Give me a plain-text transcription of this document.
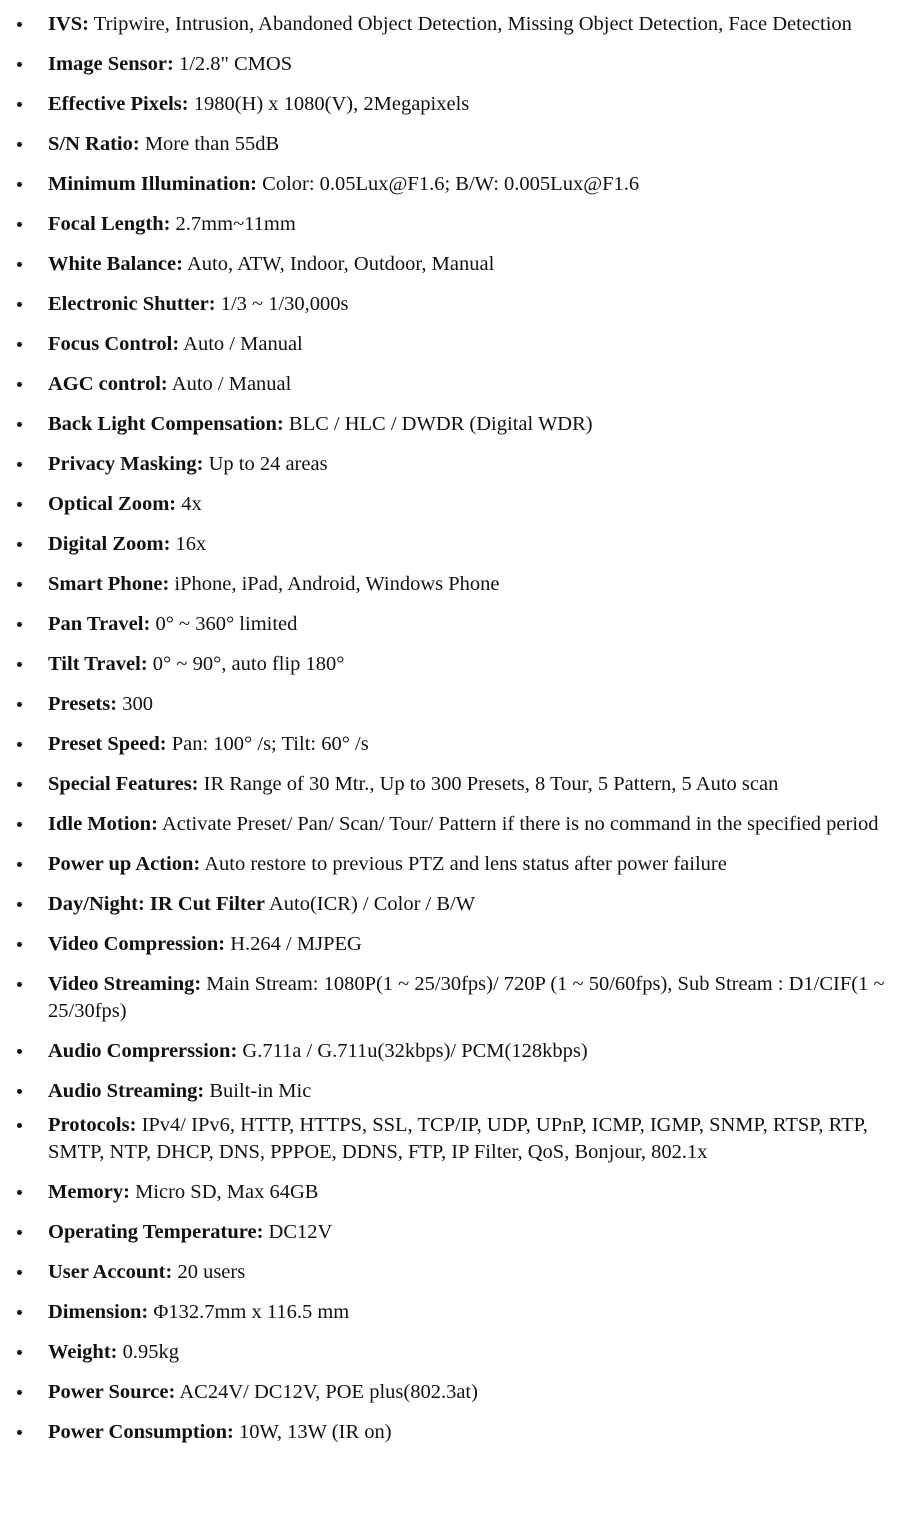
IVS: Tripwire, Intrusion, Abandoned Object Detection, Missing Object Detection, Face Detection
Image Sensor: 1/2.8" CMOS
Effective Pixels: 1980(H) x 1080(V), 2Megapixels
S/N Ratio: More than 55dB
Minimum Illumination: Color: 0.05Lux@F1.6; B/W: 0.005Lux@F1.6
Focal Length: 2.7mm~11mm
White Balance: Auto, ATW, Indoor, Outdoor, Manual
Electronic Shutter: 1/3 ~ 1/30,000s
Focus Control: Auto / Manual
AGC control: Auto / Manual
Back Light Compensation: BLC / HLC / DWDR (Digital WDR)
Privacy Masking: Up to 24 areas
Optical Zoom: 4x
Digital Zoom: 16x
Smart Phone: iPhone, iPad, Android, Windows Phone
Pan Travel: 0° ~ 360° limited
Tilt Travel: 0° ~ 90°, auto flip 180°
Presets: 300
Preset Speed: Pan: 100° /s; Tilt: 60° /s
Special Features: IR Range of 30 Mtr., Up to 300 Presets, 8 Tour, 5 Pattern, 5 Auto scan
Idle Motion: Activate Preset/ Pan/ Scan/ Tour/ Pattern if there is no command in the specified period
Power up Action: Auto restore to previous PTZ and lens status after power failure
Day/Night: IR Cut Filter Auto(ICR) / Color / B/W
Video Compression: H.264 / MJPEG
Video Streaming: Main Stream: 1080P(1 ~ 25/30fps)/ 720P (1 ~ 50/60fps), Sub Stream : D1/CIF(1 ~ 25/30fps)
Audio Comprerssion: G.711a / G.711u(32kbps)/ PCM(128kbps)
Audio Streaming: Built-in Mic
Protocols: IPv4/ IPv6, HTTP, HTTPS, SSL, TCP/IP, UDP, UPnP, ICMP, IGMP, SNMP, RTSP, RTP, SMTP, NTP, DHCP, DNS, PPPOE, DDNS, FTP, IP Filter, QoS, Bonjour, 802.1x
Memory: Micro SD, Max 64GB
Operating Temperature: DC12V
User Account: 20 users
Dimension: Φ132.7mm x 116.5 mm
Weight: 0.95kg
Power Source: AC24V/ DC12V, POE plus(802.3at)
Power Consumption: 10W, 13W (IR on)
